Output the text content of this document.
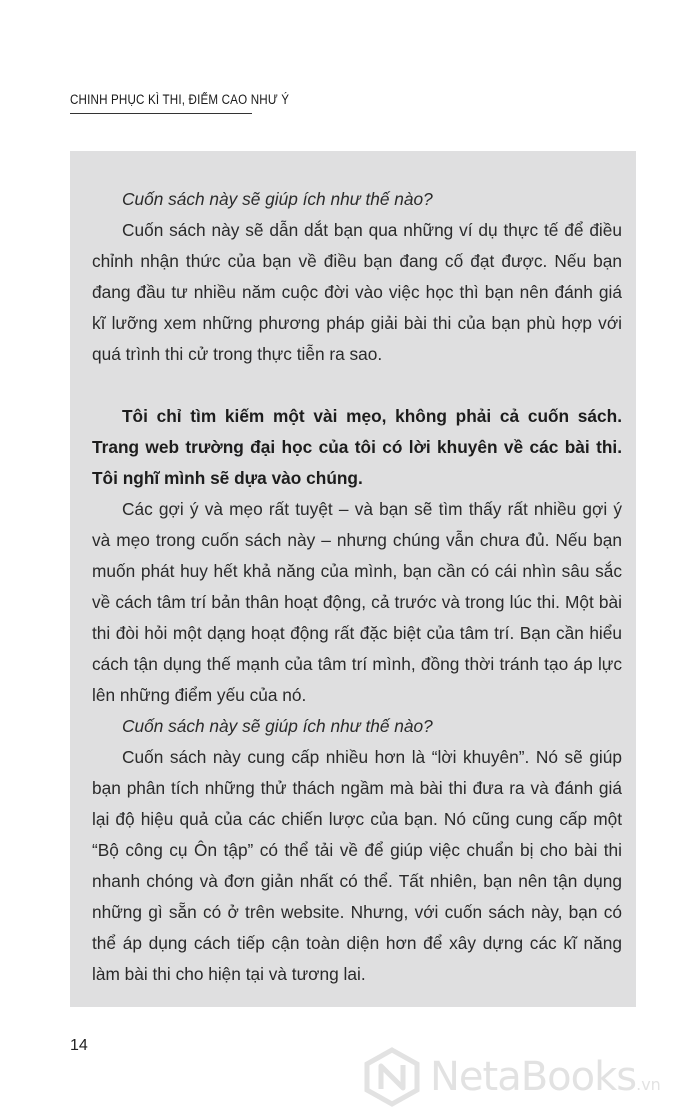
CHINH PHỤC KÌ THI, ĐIỂM CAO NHƯ Ý

Cuốn sách này sẽ giúp ích như thế nào?

Cuốn sách này sẽ dẫn dắt bạn qua những ví dụ thực tế để điều chỉnh nhận thức của bạn về điều bạn đang cố đạt được. Nếu bạn đang đầu tư nhiều năm cuộc đời vào việc học thì bạn nên đánh giá kĩ lưỡng xem những phương pháp giải bài thi của bạn phù hợp với quá trình thi cử trong thực tiễn ra sao.

Tôi chỉ tìm kiếm một vài mẹo, không phải cả cuốn sách. Trang web trường đại học của tôi có lời khuyên về các bài thi. Tôi nghĩ mình sẽ dựa vào chúng.

Các gợi ý và mẹo rất tuyệt – và bạn sẽ tìm thấy rất nhiều gợi ý và mẹo trong cuốn sách này – nhưng chúng vẫn chưa đủ. Nếu bạn muốn phát huy hết khả năng của mình, bạn cần có cái nhìn sâu sắc về cách tâm trí bản thân hoạt động, cả trước và trong lúc thi. Một bài thi đòi hỏi một dạng hoạt động rất đặc biệt của tâm trí. Bạn cần hiểu cách tận dụng thế mạnh của tâm trí mình, đồng thời tránh tạo áp lực lên những điểm yếu của nó.

Cuốn sách này sẽ giúp ích như thế nào?

Cuốn sách này cung cấp nhiều hơn là “lời khuyên”. Nó sẽ giúp bạn phân tích những thử thách ngầm mà bài thi đưa ra và đánh giá lại độ hiệu quả của các chiến lược của bạn. Nó cũng cung cấp một “Bộ công cụ Ôn tập” có thể tải về để giúp việc chuẩn bị cho bài thi nhanh chóng và đơn giản nhất có thể. Tất nhiên, bạn nên tận dụng những gì sẵn có ở trên website. Nhưng, với cuốn sách này, bạn có thể áp dụng cách tiếp cận toàn diện hơn để xây dựng các kĩ năng làm bài thi cho hiện tại và tương lai.

14
NetaBooks.vn
